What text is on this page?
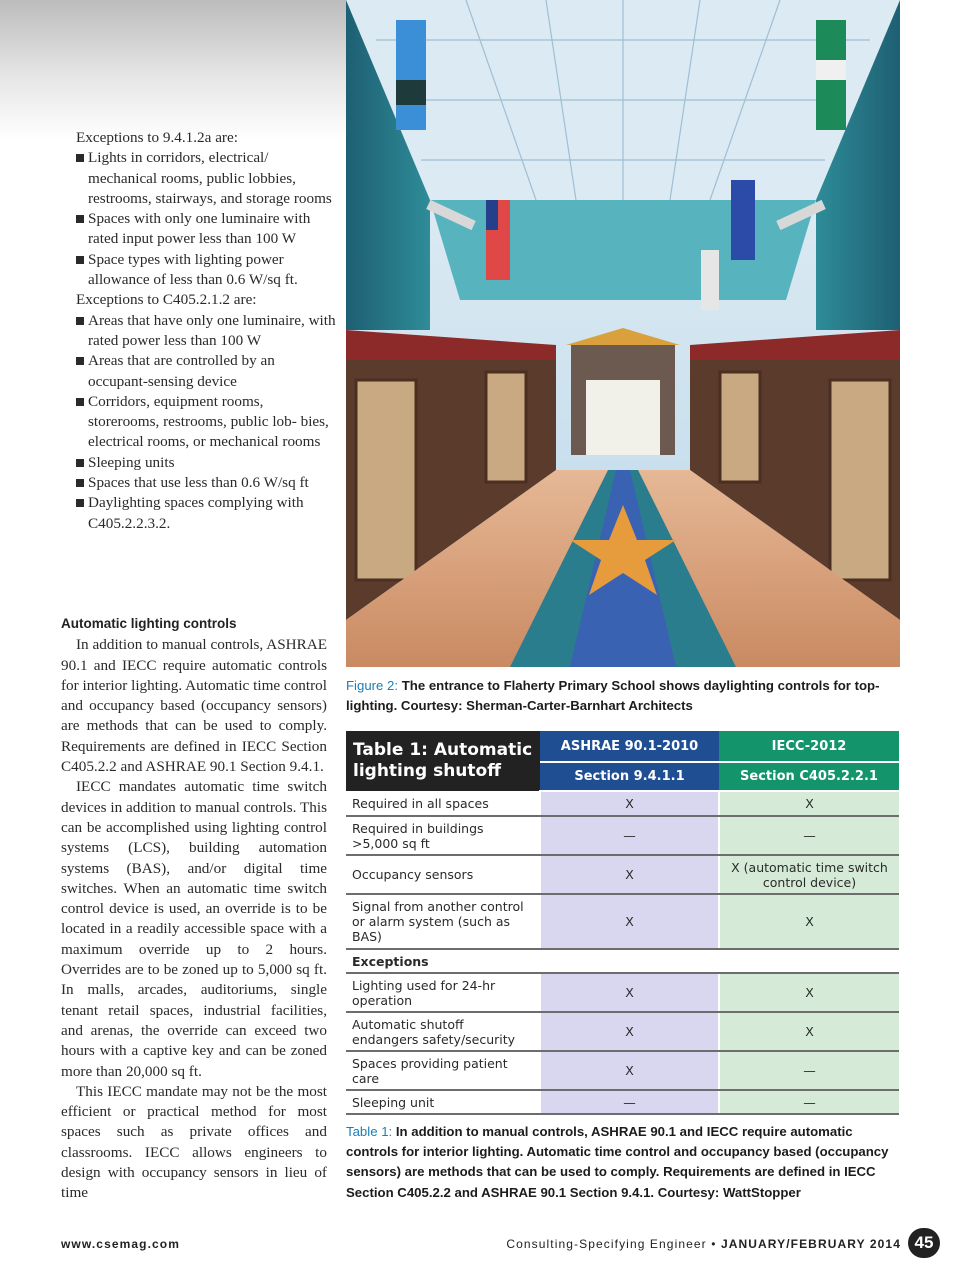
Exceptions to 9.4.1.2a are:

Lights in corridors, electrical/ mechanical rooms, public lobbies, restrooms, stairways, and storage rooms
Spaces with only one luminaire with rated input power less than 100 W
Space types with lighting power allowance of less than 0.6 W/sq ft.

Exceptions to C405.2.1.2 are:

Areas that have only one luminaire, with rated power less than 100 W
Areas that are controlled by an occupant-sensing device
Corridors, equipment rooms, storerooms, restrooms, public lob- bies, electrical rooms, or mechanical rooms
Sleeping units
Spaces that use less than 0.6 W/sq ft
Daylighting spaces complying with C405.2.2.3.2.

Automatic lighting controls

In addition to manual controls, ASHRAE 90.1 and IECC require automatic controls for interior lighting. Automatic time control and occupancy based (occupancy sensors) are methods that can be used to comply. Requirements are defined in IECC Section C405.2.2 and ASHRAE 90.1 Section 9.4.1.

IECC mandates automatic time switch devices in addition to manual controls. This can be accomplished using lighting control systems (LCS), building automation systems (BAS), and/or digital time switches. When an automatic time switch control device is used, an override is to be located in a readily accessible space with a maximum override up to 2 hours. Overrides are to be zoned up to 5,000 sq ft. In malls, arcades, auditoriums, single tenant retail spaces, industrial facilities, and arenas, the override can exceed two hours with a captive key and can be zoned more than 20,000 sq ft.

This IECC mandate may not be the most efficient or practical method for most spaces such as private offices and classrooms. IECC allows engineers to design with occupancy sensors in lieu of time

Figure 2: The entrance to Flaherty Primary School shows daylighting controls for top-lighting. Courtesy: Sherman-Carter-Barnhart Architects
Table 1: Automatic lighting shutoff	ASHRAE 90.1-2010	IECC-2012
	Section 9.4.1.1	Section C405.2.2.1
Required in all spaces	X	X
Required in buildings >5,000 sq ft	—	—
Occupancy sensors	X	X (automatic time switch control device)
Signal from another control or alarm system (such as BAS)	X	X
Exceptions		
Lighting used for 24-hr operation	X	X
Automatic shutoff endangers safety/security	X	X
Spaces providing patient care	X	—
Sleeping unit	—	—
Table 1: In addition to manual controls, ASHRAE 90.1 and IECC require automatic controls for interior lighting. Automatic time control and occupancy based (occupancy sensors) are methods that can be used to comply. Requirements are defined in IECC Section C405.2.2 and ASHRAE 90.1 Section 9.4.1. Courtesy: WattStopper
www.csemag.com	Consulting-Specifying Engineer • JANUARY/FEBRUARY 2014 45
